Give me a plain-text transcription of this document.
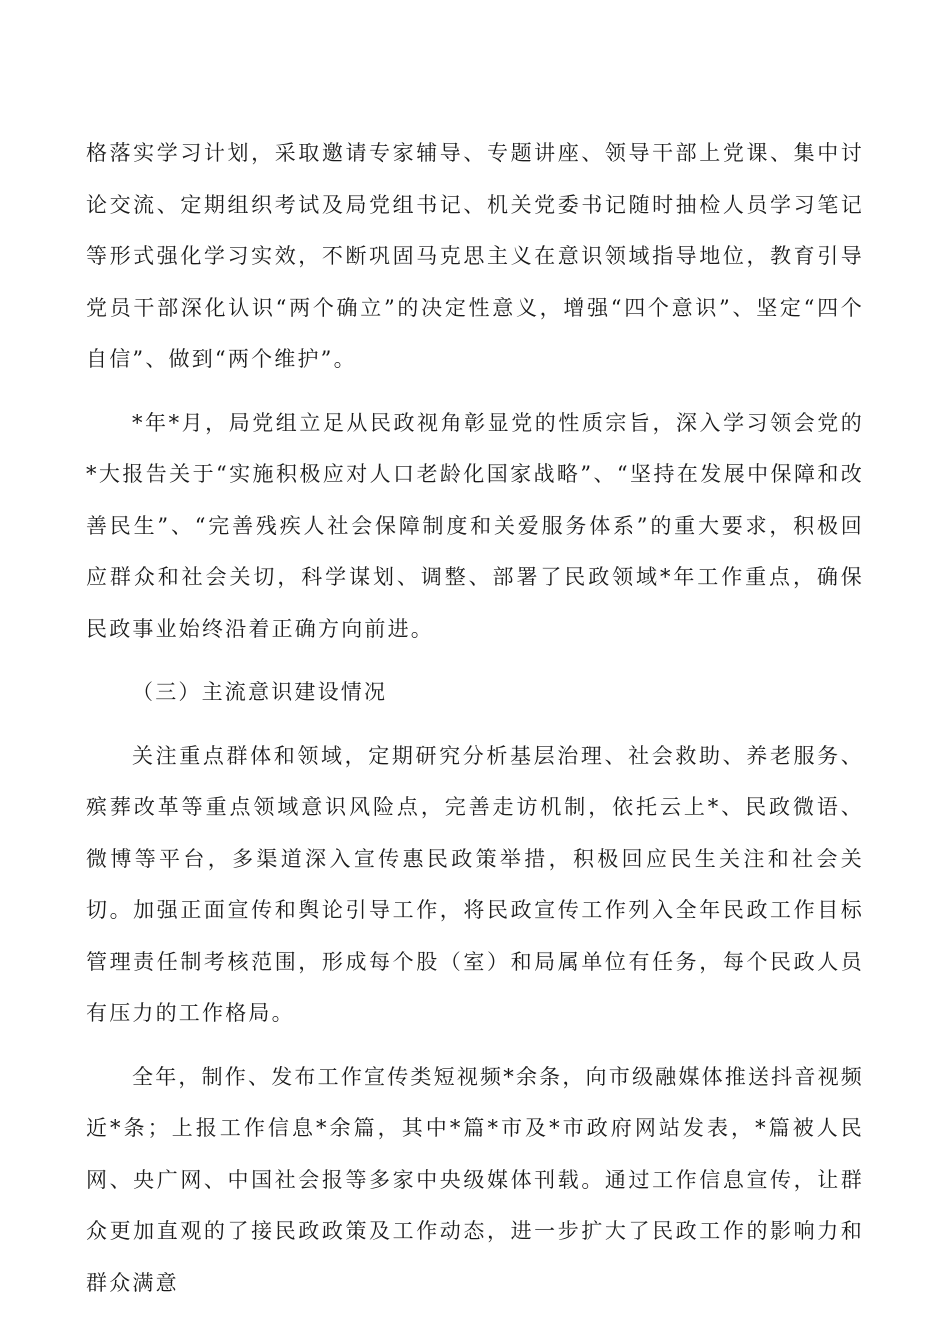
格落实学习计划，采取邀请专家辅导、专题讲座、领导干部上党课、集中讨论交流、定期组织考试及局党组书记、机关党委书记随时抽检人员学习笔记等形式强化学习实效，不断巩固马克思主义在意识领域指导地位，教育引导党员干部深化认识“两个确立”的决定性意义，增强“四个意识”、坚定“四个自信”、做到“两个维护”。

*年*月，局党组立足从民政视角彰显党的性质宗旨，深入学习领会党的*大报告关于“实施积极应对人口老龄化国家战略”、“坚持在发展中保障和改善民生”、“完善残疾人社会保障制度和关爱服务体系”的重大要求，积极回应群众和社会关切，科学谋划、调整、部署了民政领域*年工作重点，确保民政事业始终沿着正确方向前进。

（三）主流意识建设情况

关注重点群体和领域，定期研究分析基层治理、社会救助、养老服务、殡葬改革等重点领域意识风险点，完善走访机制，依托云上*、民政微语、微博等平台，多渠道深入宣传惠民政策举措，积极回应民生关注和社会关切。加强正面宣传和舆论引导工作，将民政宣传工作列入全年民政工作目标管理责任制考核范围，形成每个股（室）和局属单位有任务，每个民政人员有压力的工作格局。

全年，制作、发布工作宣传类短视频*余条，向市级融媒体推送抖音视频近*条；上报工作信息*余篇，其中*篇*市及*市政府网站发表，*篇被人民网、央广网、中国社会报等多家中央级媒体刊载。通过工作信息宣传，让群众更加直观的了接民政政策及工作动态，进一步扩大了民政工作的影响力和群众满意
